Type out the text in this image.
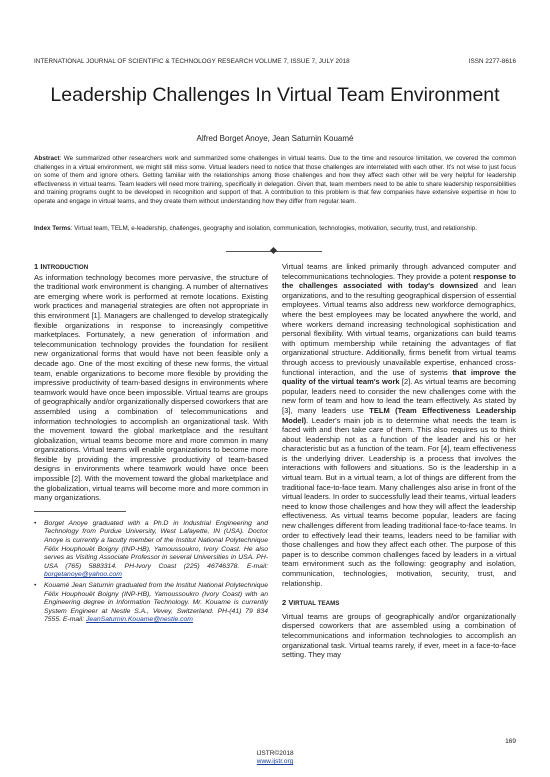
INTERNATIONAL JOURNAL OF SCIENTIFIC & TECHNOLOGY RESEARCH VOLUME 7, ISSUE 7, JULY 2018	ISSN 2277-8616
Leadership Challenges In Virtual Team Environment
Alfred Borget Anoye, Jean Saturnin Kouamé
Abstract: We summarized other researchers work and summarized some challenges in virtual teams. Due to the time and resource limitation, we covered the common challenges in a virtual environment, we might still miss some. Virtual leaders need to notice that those challenges are interrelated with each other. It's not wise to just focus on some of them and ignore others. Getting familiar with the relationships among those challenges and how they affect each other will be very helpful for leadership effectiveness in virtual teams. Team leaders will need more training, specifically in delegation. Given that, team members need to be able to share leadership responsibilities and training programs ought to be developed in recognition and support of that. A contribution to this problem is that few companies have extensive expertise in how to operate and engage in virtual teams, and they create them without understanding how they differ from regular team.
Index Terms: Virtual team, TELM, e-leadership, challenges, geography and isolation, communication, technologies, motivation, security, trust, and relationship.
1 INTRODUCTION
As information technology becomes more pervasive, the structure of the traditional work environment is changing. A number of alternatives are emerging where work is performed at remote locations. Existing work practices and managerial strategies are often not appropriate in this environment [1]. Managers are challenged to develop strategically flexible organizations in response to increasingly competitive marketplaces. Fortunately, a new generation of information and telecommunication technology provides the foundation for resilient new organizational forms that would have not been feasible only a decade ago. One of the most exciting of these new forms, the virtual team, enable organizations to become more flexible by providing the impressive productivity of team-based designs in environments where teamwork would have once been impossible. Virtual teams are groups of geographically and/or organizationally dispersed coworkers that are assembled using a combination of telecommunications and information technologies to accomplish an organizational task. With the movement toward the global marketplace and the resultant globalization, virtual teams become more and more common in many organizations. Virtual teams will enable organizations to become more flexible by providing the impressive productivity of team-based designs in environments where teamwork would have once been impossible [2]. With the movement toward the global marketplace and the globalization, virtual teams will become more and more common in many organizations.
• Borget Anoye graduated with a Ph.D in Industrial Engineering and Technology from Purdue University, West Lafayette, IN (USA). Doctor Anoye is currently a faculty member of the Institut National Polytechnique Félix Houphouët Boigny (INP-HB), Yamoussoukro, Ivory Coast. He also serves as Visiting Associate Professor in several Universities in USA. PH-USA (765) 5883314. PH-Ivory Coast (225) 46746378. E-mail: borgetanoye@yahoo.com
• Kouamé Jean Saturnin graduated from the Institut National Polytechnique Félix Houphouët Boigny (INP-HB), Yamoussoukro (Ivory Coast) with an Engineering degree in Information Technology. Mr. Kouame is currently System Engineer at Nestle S.A., Vevey, Switzerland. PH-(41) 79 834 7555. E-mail: JeanSaturnin.Kouame@nestle.com
Virtual teams are linked primarily through advanced computer and telecommunications technologies. They provide a potent response to the challenges associated with today's downsized and lean organizations, and to the resulting geographical dispersion of essential employees. Virtual teams also address new workforce demographics, where the best employees may be located anywhere the world, and where workers demand increasing technological sophistication and personal flexibility. With virtual teams, organizations can build teams with optimum membership while retaining the advantages of flat organizational structure. Additionally, firms benefit from virtual teams through access to previously unavailable expertise, enhanced cross-functional interaction, and the use of systems that improve the quality of the virtual team's work [2]. As virtual teams are becoming popular, leaders need to consider the new challenges come with the new form of team and how to lead the team effectively. As stated by [3], many leaders use TELM (Team Effectiveness Leadership Model). Leader's main job is to determine what needs the team is faced with and then take care of them. This also requires us to think about leadership not as a function of the leader and his or her characteristic but as a function of the team. For [4], team effectiveness is the underlying driver. Leadership is a process that involves the interactions with followers and situations. So is the leadership in a virtual team. But in a virtual team, a lot of things are different from the traditional face-to-face team. Many challenges also arise in front of the virtual leaders. In order to successfully lead their teams, virtual leaders need to know those challenges and how they will affect the leadership effectiveness. As virtual teams become popular, leaders are facing new challenges different from leading traditional face-to-face teams. In order to effectively lead their teams, leaders need to be familiar with those challenges and how they affect each other. The purpose of this paper is to describe common challenges faced by leaders in a virtual team environment such as the following: geography and isolation, communication, technologies, motivation, security, trust, and relationship.
2 VIRTUAL TEAMS
Virtual teams are groups of geographically and/or organizationally dispersed coworkers that are assembled using a combination of telecommunications and information technologies to accomplish an organizational task. Virtual teams rarely, if ever, meet in a face-to-face setting. They may
169
IJSTR©2018
www.ijstr.org
